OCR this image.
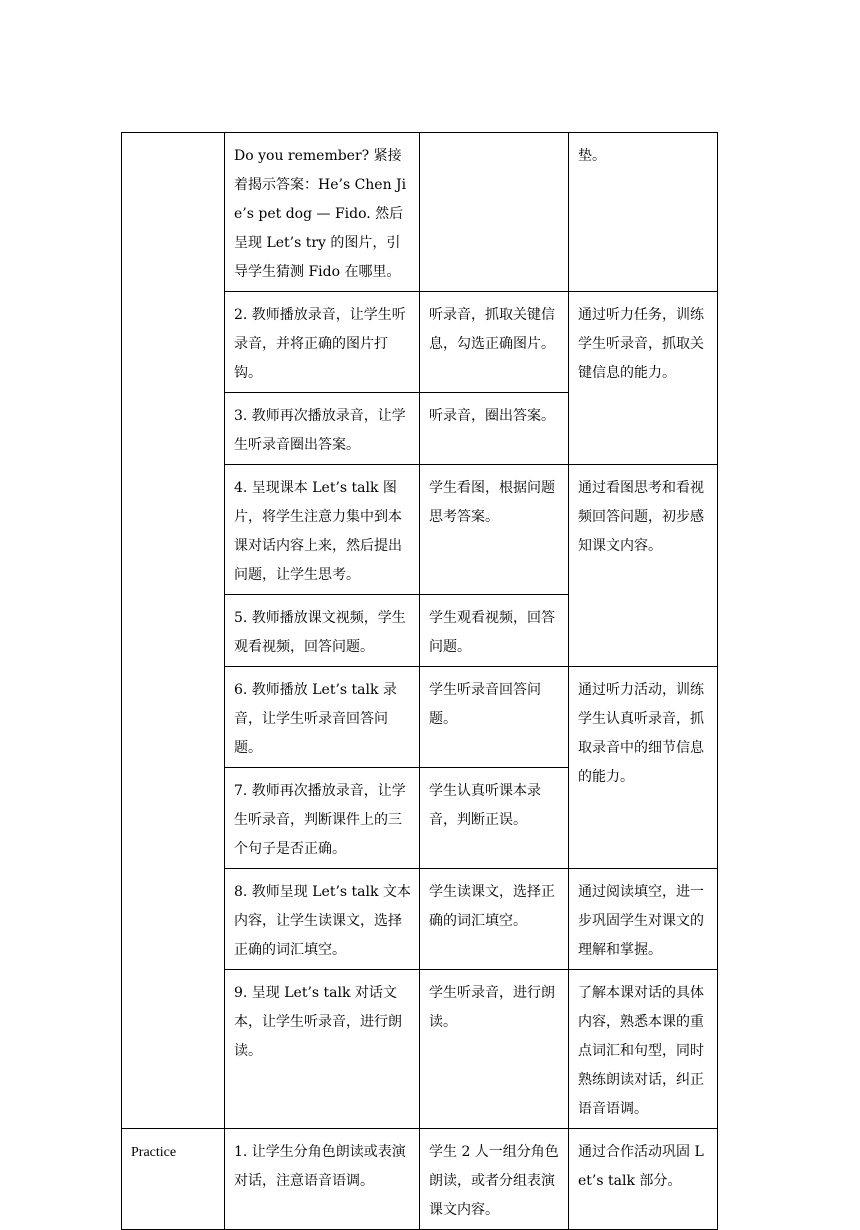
	Do you remember? 紧接着揭示答案：He’s Chen Jie’s pet dog — Fido. 然后呈现 Let’s try 的图片，引导学生猜测 Fido 在哪里。		垫。
	2. 教师播放录音，让学生听录音，并将正确的图片打钩。	听录音，抓取关键信息，勾选正确图片。	通过听力任务，训练学生听录音，抓取关键信息的能力。
	3. 教师再次播放录音，让学生听录音圈出答案。	听录音，圈出答案。	
	4. 呈现课本 Let’s talk 图片，将学生注意力集中到本课对话内容上来，然后提出问题，让学生思考。	学生看图，根据问题思考答案。	通过看图思考和看视频回答问题，初步感知课文内容。
	5. 教师播放课文视频，学生观看视频，回答问题。	学生观看视频，回答问题。	
	6. 教师播放 Let’s talk 录音，让学生听录音回答问题。	学生听录音回答问题。	通过听力活动，训练学生认真听录音，抓取录音中的细节信息的能力。
	7. 教师再次播放录音，让学生听录音，判断课件上的三个句子是否正确。	学生认真听课本录音，判断正误。	
	8. 教师呈现 Let’s talk 文本内容，让学生读课文，选择正确的词汇填空。	学生读课文，选择正确的词汇填空。	通过阅读填空，进一步巩固学生对课文的理解和掌握。
	9. 呈现 Let’s talk 对话文本，让学生听录音，进行朗读。	学生听录音，进行朗读。	了解本课对话的具体内容，熟悉本课的重点词汇和句型，同时熟练朗读对话，纠正语音语调。
Practice	1. 让学生分角色朗读或表演对话，注意语音语调。	学生 2 人一组分角色朗读，或者分组表演课文内容。	通过合作活动巩固 Let’s talk 部分。
